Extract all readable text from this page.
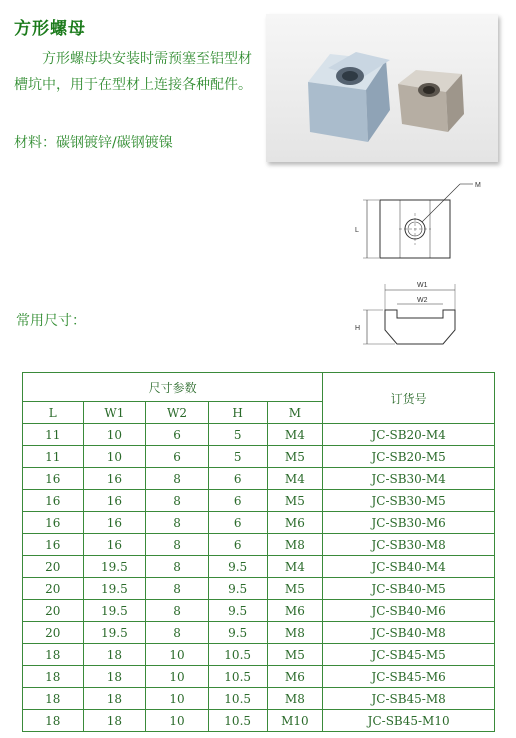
方形螺母
方形螺母块安装时需预塞至铝型材槽坑中，用于在型材上连接各种配件。
材料：碳钢镀锌/碳钢镀镍
M
L
W1
W2
H
常用尺寸：
尺寸参数					订货号
L	W1	W2	H	M	
11	10	6	5	M4	JC-SB20-M4
11	10	6	5	M5	JC-SB20-M5
16	16	8	6	M4	JC-SB30-M4
16	16	8	6	M5	JC-SB30-M5
16	16	8	6	M6	JC-SB30-M6
16	16	8	6	M8	JC-SB30-M8
20	19.5	8	9.5	M4	JC-SB40-M4
20	19.5	8	9.5	M5	JC-SB40-M5
20	19.5	8	9.5	M6	JC-SB40-M6
20	19.5	8	9.5	M8	JC-SB40-M8
18	18	10	10.5	M5	JC-SB45-M5
18	18	10	10.5	M6	JC-SB45-M6
18	18	10	10.5	M8	JC-SB45-M8
18	18	10	10.5	M10	JC-SB45-M10
